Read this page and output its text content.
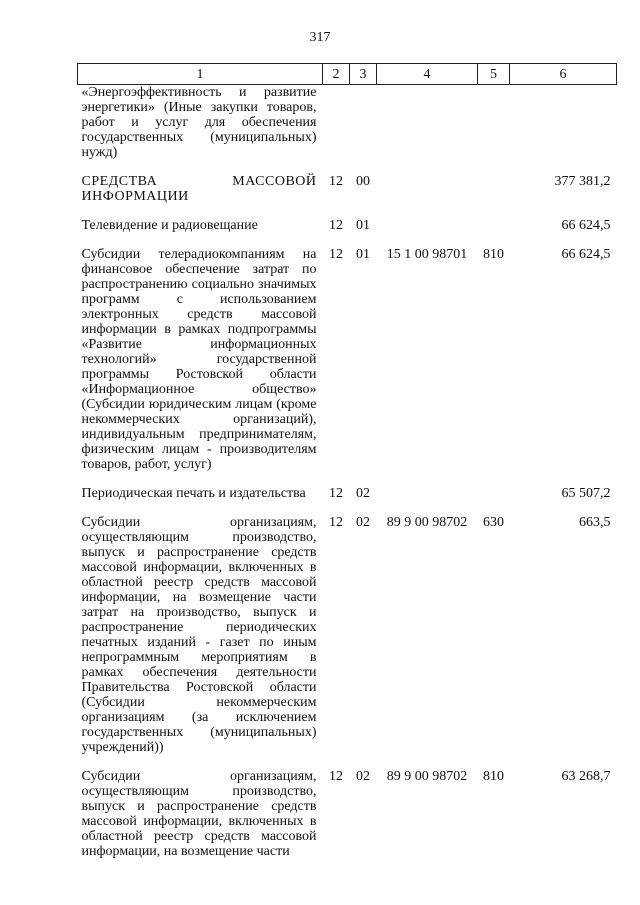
317
1	2	3	4	5	6
«Энергоэффективность и развитие энергетики» (Иные закупки товаров, работ и услуг для обеспечения государственных (муниципальных) нужд)					
СРЕДСТВА МАССОВОЙ ИНФОРМАЦИИ	12	00			377 381,2
Телевидение и радиовещание	12	01			66 624,5
Субсидии телерадиокомпаниям на финансовое обеспечение затрат по распространению социально значимых программ с использованием электронных средств массовой информации в рамках подпрограммы «Развитие информационных технологий» государственной программы Ростовской области «Информационное общество» (Субсидии юридическим лицам (кроме некоммерческих организаций), индивидуальным предпринимателям, физическим лицам - производителям товаров, работ, услуг)	12	01	15 1 00 98701	810	66 624,5
Периодическая печать и издательства	12	02			65 507,2
Субсидии организациям, осуществляющим производство, выпуск и распространение средств массовой информации, включенных в областной реестр средств массовой информации, на возмещение части затрат на производство, выпуск и распространение периодических печатных изданий - газет по иным непрограммным мероприятиям в рамках обеспечения деятельности Правительства Ростовской области (Субсидии некоммерческим организациям (за исключением государственных (муниципальных) учреждений))	12	02	89 9 00 98702	630	663,5
Субсидии организациям, осуществляющим производство, выпуск и распространение средств массовой информации, включенных в областной реестр средств массовой информации, на возмещение части	12	02	89 9 00 98702	810	63 268,7
